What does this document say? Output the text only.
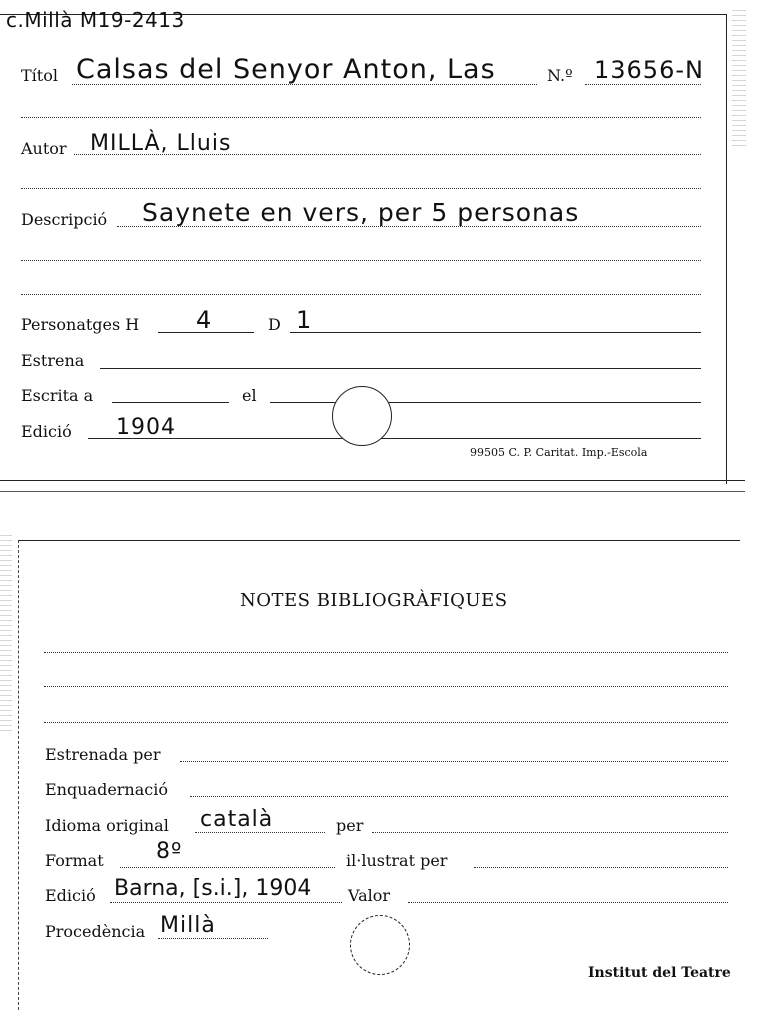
c.Millà M19-2413
Títol Calsas del Senyor Anton, Las	N.º 13656-N
Autor MILLÀ, Lluis
Descripció Saynete en vers, per 5 personas
Personatges H 4	D 1
Estrena
Escrita a	el
Edició 1904
99505 C. P. Caritat. Imp.-Escola
NOTES BIBLIOGRÀFIQUES
Estrenada per
Enquadernació
Idioma original català	per
Format 8º	il·lustrat per
Edició Barna, [s.i.], 1904 Valor
Procedència Millà
Institut del Teatre
